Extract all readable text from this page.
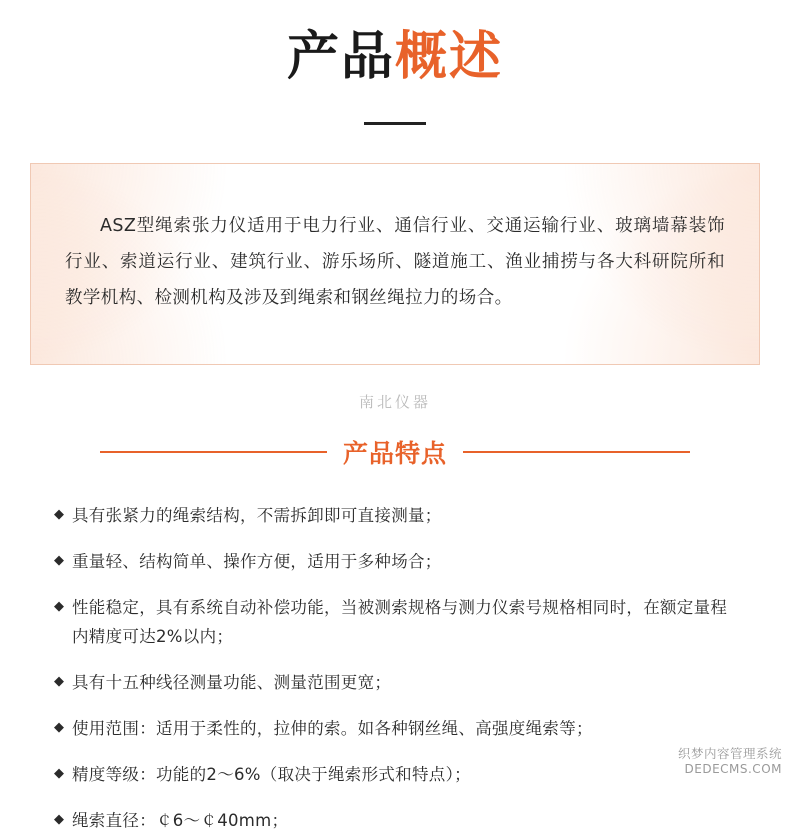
产品概述

ASZ型绳索张力仪适用于电力行业、通信行业、交通运输行业、玻璃墙幕装饰行业、索道运行业、建筑行业、游乐场所、隧道施工、渔业捕捞与各大科研院所和教学机构、检测机构及涉及到绳索和钢丝绳拉力的场合。

南北仪器
产品特点
◆ 具有张紧力的绳索结构，不需拆卸即可直接测量；
◆ 重量轻、结构简单、操作方便，适用于多种场合；
◆ 性能稳定，具有系统自动补偿功能，当被测索规格与测力仪索号规格相同时，在额定量程内精度可达2%以内；
◆ 具有十五种线径测量功能、测量范围更宽；
◆ 使用范围：适用于柔性的，拉伸的索。如各种钢丝绳、高强度绳索等；
◆ 精度等级：功能的2～6%（取决于绳索形式和特点）；
◆ 绳索直径：￠6～￠40mm；
织梦内容管理系统
DEDECMS.COM
